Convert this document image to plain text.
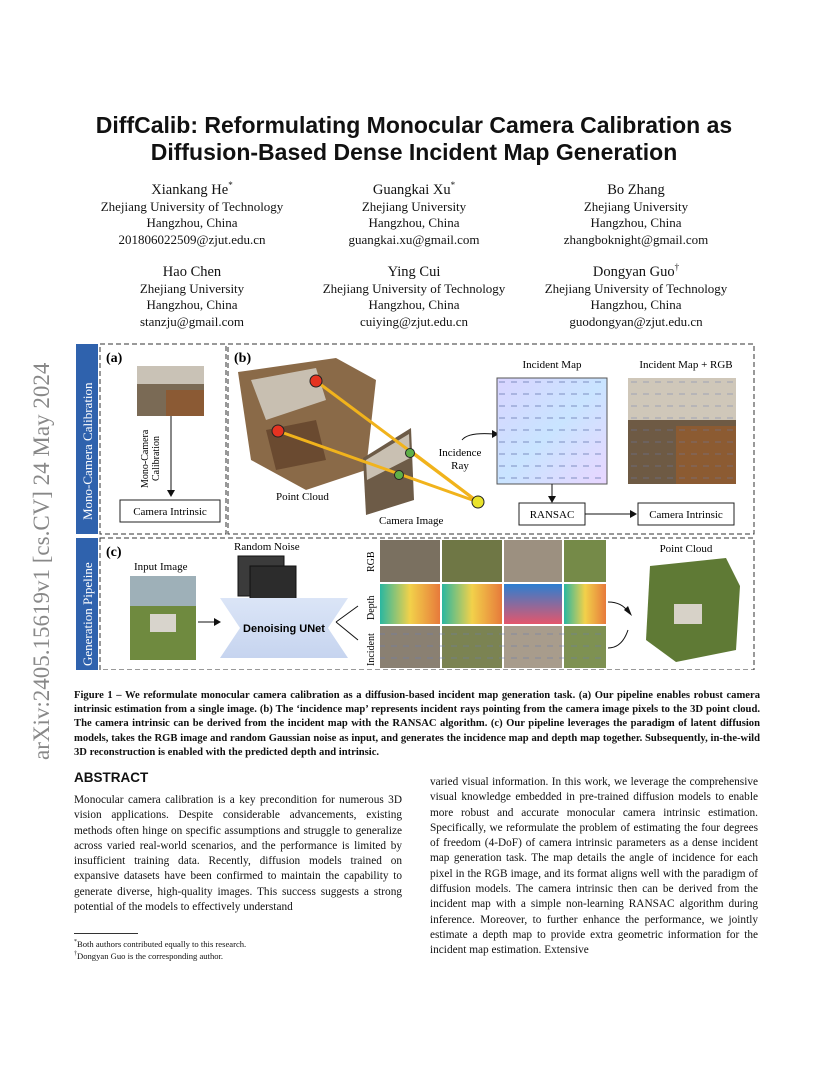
arXiv:2405.15619v1 [cs.CV] 24 May 2024
DiffCalib: Reformulating Monocular Camera Calibration as
Diffusion-Based Dense Incident Map Generation
Xiankang He*
Zhejiang University of Technology
Hangzhou, China
201806022509@zjut.edu.cn
Guangkai Xu*
Zhejiang University
Hangzhou, China
guangkai.xu@gmail.com
Bo Zhang
Zhejiang University
Hangzhou, China
zhangboknight@gmail.com
Hao Chen
Zhejiang University
Hangzhou, China
stanzju@gmail.com
Ying Cui
Zhejiang University of Technology
Hangzhou, China
cuiying@zjut.edu.cn
Dongyan Guo†
Zhejiang University of Technology
Hangzhou, China
guodongyan@zjut.edu.cn
Mono-Camera Calibration
Generation Pipeline
(a)
Mono-Camera Calibration
Camera Intrinsic
(b)
Point Cloud
Camera Image
Incidence
Ray
Incident Map
RANSAC	Camera Intrinsic
Incident Map + RGB
(c)
Input Image
Random Noise
Denoising UNet
RGB
Depth
Incident
Point Cloud
Figure 1 – We reformulate monocular camera calibration as a diffusion-based incident map generation task. (a) Our pipeline enables robust camera intrinsic estimation from a single image. (b) The ‘incidence map’ represents incident rays pointing from the camera image pixels to the 3D point cloud. The camera intrinsic can be derived from the incident map with the RANSAC algorithm. (c) Our pipeline leverages the paradigm of latent diffusion models, takes the RGB image and random Gaussian noise as input, and generates the incidence map and depth map together. Subsequently, in-the-wild 3D reconstruction is enabled with the predicted depth and intrinsic.
ABSTRACT

Monocular camera calibration is a key precondition for numerous 3D vision applications. Despite considerable advancements, existing methods often hinge on specific assumptions and struggle to generalize across varied real-world scenarios, and the performance is limited by insufficient training data. Recently, diffusion models trained on expansive datasets have been confirmed to maintain the capability to generate diverse, high-quality images. This success suggests a strong potential of the models to effectively understand

varied visual information. In this work, we leverage the comprehensive visual knowledge embedded in pre-trained diffusion models to enable more robust and accurate monocular camera intrinsic estimation. Specifically, we reformulate the problem of estimating the four degrees of freedom (4-DoF) of camera intrinsic parameters as a dense incident map generation task. The map details the angle of incidence for each pixel in the RGB image, and its format aligns well with the paradigm of diffusion models. The camera intrinsic then can be derived from the incident map with a simple non-learning RANSAC algorithm during inference. Moreover, to further enhance the performance, we jointly estimate a depth map to provide extra geometric information for the incident map estimation. Extensive

*Both authors contributed equally to this research.
†Dongyan Guo is the corresponding author.
